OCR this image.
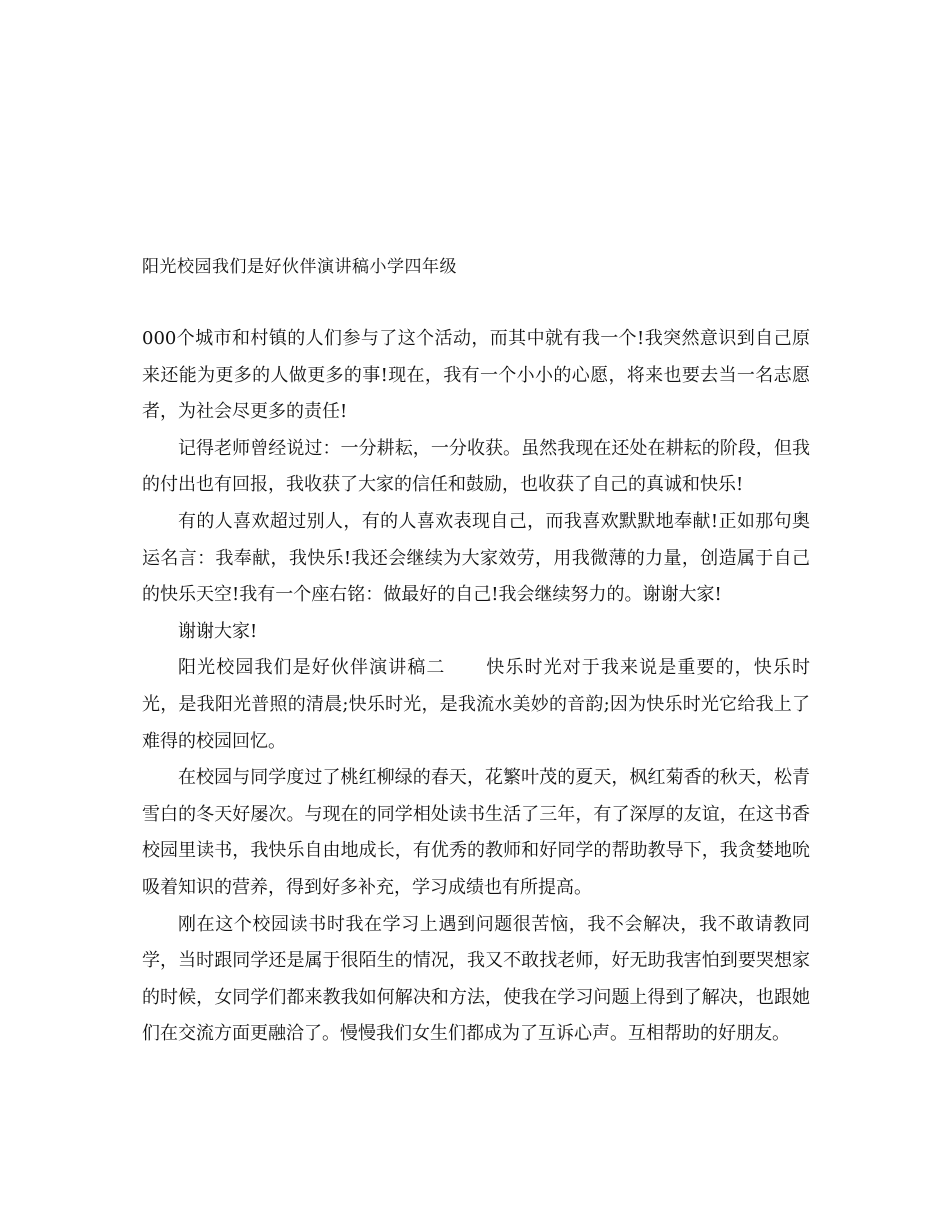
阳光校园我们是好伙伴演讲稿小学四年级

000个城市和村镇的人们参与了这个活动，而其中就有我一个!我突然意识到自己原来还能为更多的人做更多的事!现在，我有一个小小的心愿，将来也要去当一名志愿者，为社会尽更多的责任!

记得老师曾经说过：一分耕耘，一分收获。虽然我现在还处在耕耘的阶段，但我的付出也有回报，我收获了大家的信任和鼓励，也收获了自己的真诚和快乐!

有的人喜欢超过别人，有的人喜欢表现自己，而我喜欢默默地奉献!正如那句奥运名言：我奉献，我快乐!我还会继续为大家效劳，用我微薄的力量，创造属于自己的快乐天空!我有一个座右铭：做最好的自己!我会继续努力的。谢谢大家!

谢谢大家!

阳光校园我们是好伙伴演讲稿二 快乐时光对于我来说是重要的，快乐时光，是我阳光普照的清晨;快乐时光，是我流水美妙的音韵;因为快乐时光它给我上了难得的校园回忆。

在校园与同学度过了桃红柳绿的春天，花繁叶茂的夏天，枫红菊香的秋天，松青雪白的冬天好屡次。与现在的同学相处读书生活了三年，有了深厚的友谊，在这书香校园里读书，我快乐自由地成长，有优秀的教师和好同学的帮助教导下，我贪婪地吮吸着知识的营养，得到好多补充，学习成绩也有所提高。

刚在这个校园读书时我在学习上遇到问题很苦恼，我不会解决，我不敢请教同学，当时跟同学还是属于很陌生的情况，我又不敢找老师，好无助我害怕到要哭想家的时候，女同学们都来教我如何解决和方法，使我在学习问题上得到了解决，也跟她们在交流方面更融洽了。慢慢我们女生们都成为了互诉心声。互相帮助的好朋友。
